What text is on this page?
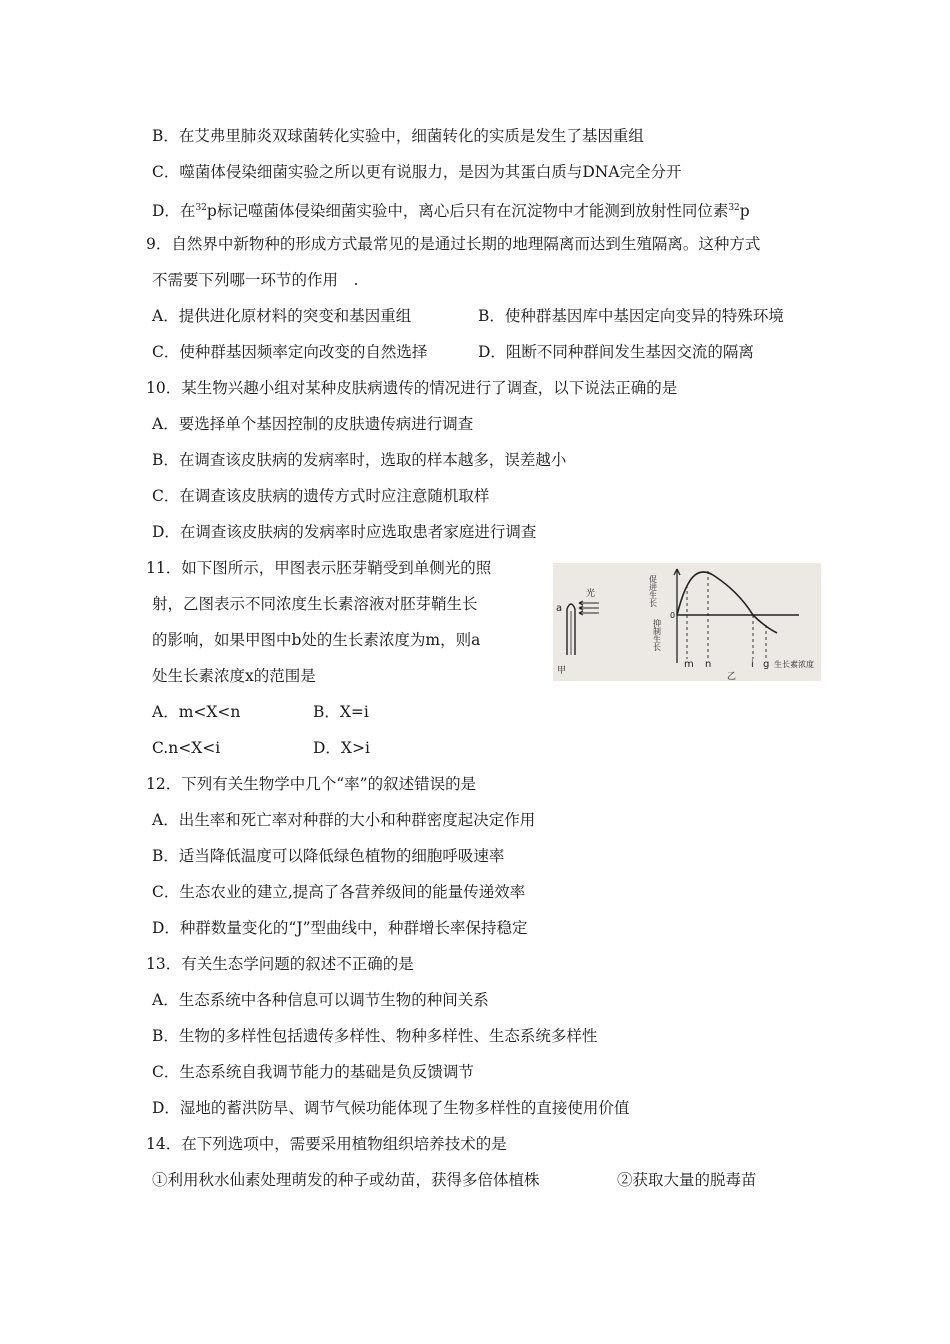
B．在艾弗里肺炎双球菌转化实验中，细菌转化的实质是发生了基因重组
C．噬菌体侵染细菌实验之所以更有说服力，是因为其蛋白质与DNA完全分开
D．在$^{32}$p标记噬菌体侵染细菌实验中，离心后只有在沉淀物中才能测到放射性同位素$^{32}$p
9．自然界中新物种的形成方式最常见的是通过长期的地理隔离而达到生殖隔离。这种方式
不需要下列哪一环节的作用　.
A．提供进化原材料的突变和基因重组	B．使种群基因库中基因定向变异的特殊环境
C．使种群基因频率定向改变的自然选择	D．阻断不同种群间发生基因交流的隔离
10．某生物兴趣小组对某种皮肤病遗传的情况进行了调查，以下说法正确的是
A．要选择单个基因控制的皮肤遗传病进行调查
B．在调查该皮肤病的发病率时，选取的样本越多，误差越小
C．在调查该皮肤病的遗传方式时应注意随机取样
D．在调查该皮肤病的发病率时应选取患者家庭进行调查
11．如下图所示，甲图表示胚芽鞘受到单侧光的照
射，乙图表示不同浓度生长素溶液对胚芽鞘生长
的影响，如果甲图中b处的生长素浓度为m，则a
处生长素浓度x的范围是
A．m<X<n	B．X=i
C.n<X<i	D．X>i
光
a
甲
促进生长
抑制生长
0
m n	i g 生长素浓度
乙
12．下列有关生物学中几个“率”的叙述错误的是
A．出生率和死亡率对种群的大小和种群密度起决定作用
B．适当降低温度可以降低绿色植物的细胞呼吸速率
C．生态农业的建立,提高了各营养级间的能量传递效率
D．种群数量变化的“J”型曲线中，种群增长率保持稳定
13．有关生态学问题的叙述不正确的是
A．生态系统中各种信息可以调节生物的种间关系
B．生物的多样性包括遗传多样性、物种多样性、生态系统多样性
C．生态系统自我调节能力的基础是负反馈调节
D．湿地的蓄洪防旱、调节气候功能体现了生物多样性的直接使用价值
14．在下列选项中，需要采用植物组织培养技术的是
①利用秋水仙素处理萌发的种子或幼苗，获得多倍体植株	②获取大量的脱毒苗
